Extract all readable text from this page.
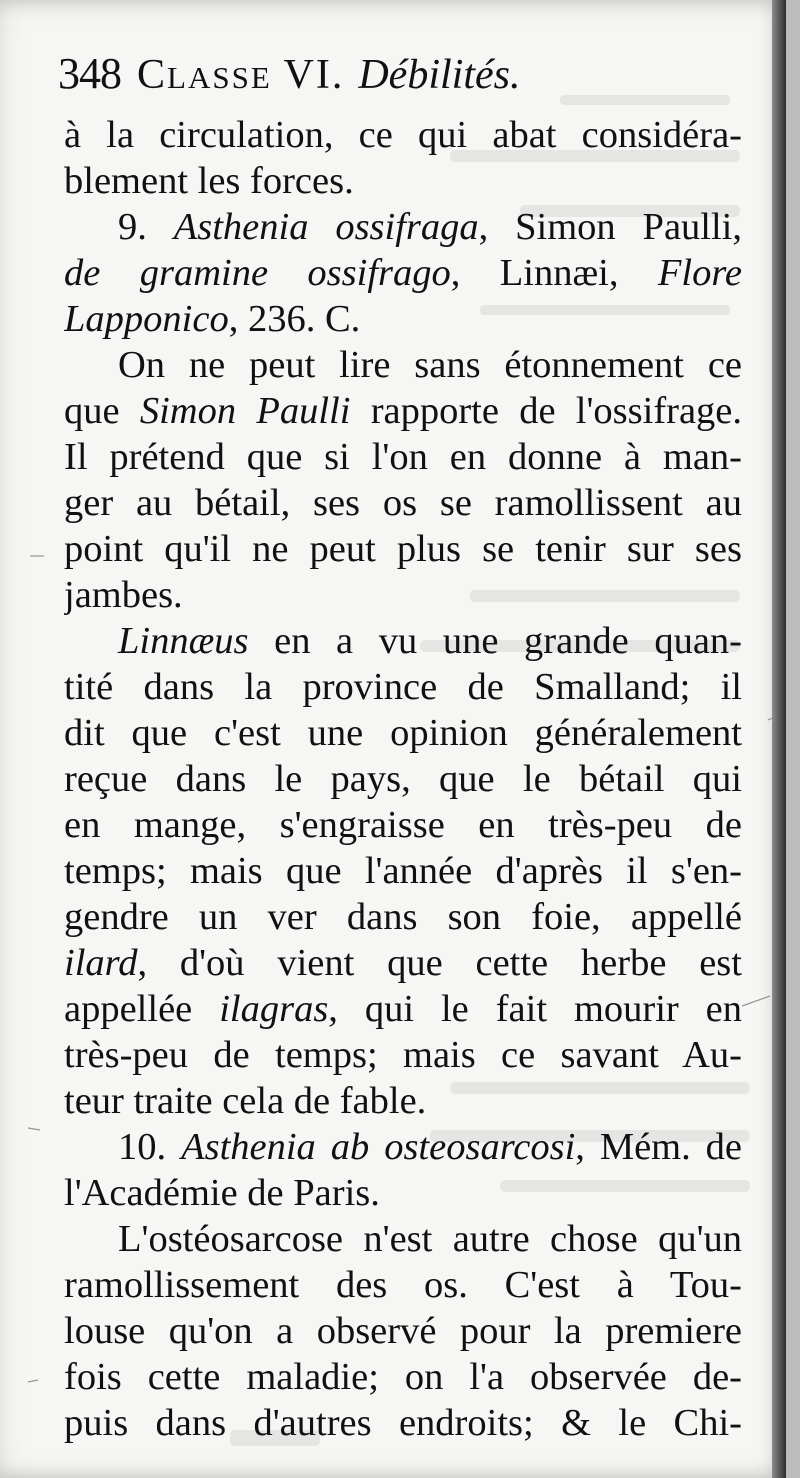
348 CLASSE VI. Débilités.
à la circulation, ce qui abat considéra-
blement les forces.
9. Asthenia ossifraga, Simon Paulli,
de gramine ossifrago, Linnæi, Flore
Lapponico, 236. C.
On ne peut lire sans étonnement ce
que Simon Paulli rapporte de l'ossifrage.
Il prétend que si l'on en donne à man-
ger au bétail, ses os se ramollissent au
point qu'il ne peut plus se tenir sur ses
jambes.
Linnæus en a vu une grande quan-
tité dans la province de Smalland; il
dit que c'est une opinion généralement
reçue dans le pays, que le bétail qui
en mange, s'engraisse en très-peu de
temps; mais que l'année d'après il s'en-
gendre un ver dans son foie, appellé
ilard, d'où vient que cette herbe est
appellée ilagras, qui le fait mourir en
très-peu de temps; mais ce savant Au-
teur traite cela de fable.
10. Asthenia ab osteosarcosi, Mém. de
l'Académie de Paris.
L'ostéosarcose n'est autre chose qu'un
ramollissement des os. C'est à Tou-
louse qu'on a observé pour la premiere
fois cette maladie; on l'a observée de-
puis dans d'autres endroits; & le Chi-
